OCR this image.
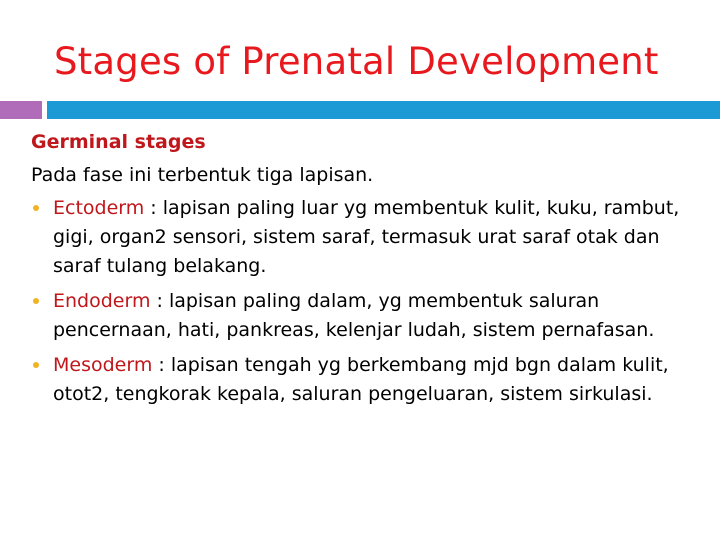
Stages of Prenatal Development

Germinal stages

Pada fase ini terbentuk tiga lapisan.

Ectoderm : lapisan paling luar yg membentuk kulit, kuku, rambut, gigi, organ2 sensori, sistem saraf, termasuk urat saraf otak dan saraf tulang belakang.
Endoderm : lapisan paling dalam, yg membentuk saluran pencernaan, hati, pankreas, kelenjar ludah, sistem pernafasan.
Mesoderm : lapisan tengah yg berkembang mjd bgn dalam kulit, otot2, tengkorak kepala, saluran pengeluaran, sistem sirkulasi.
